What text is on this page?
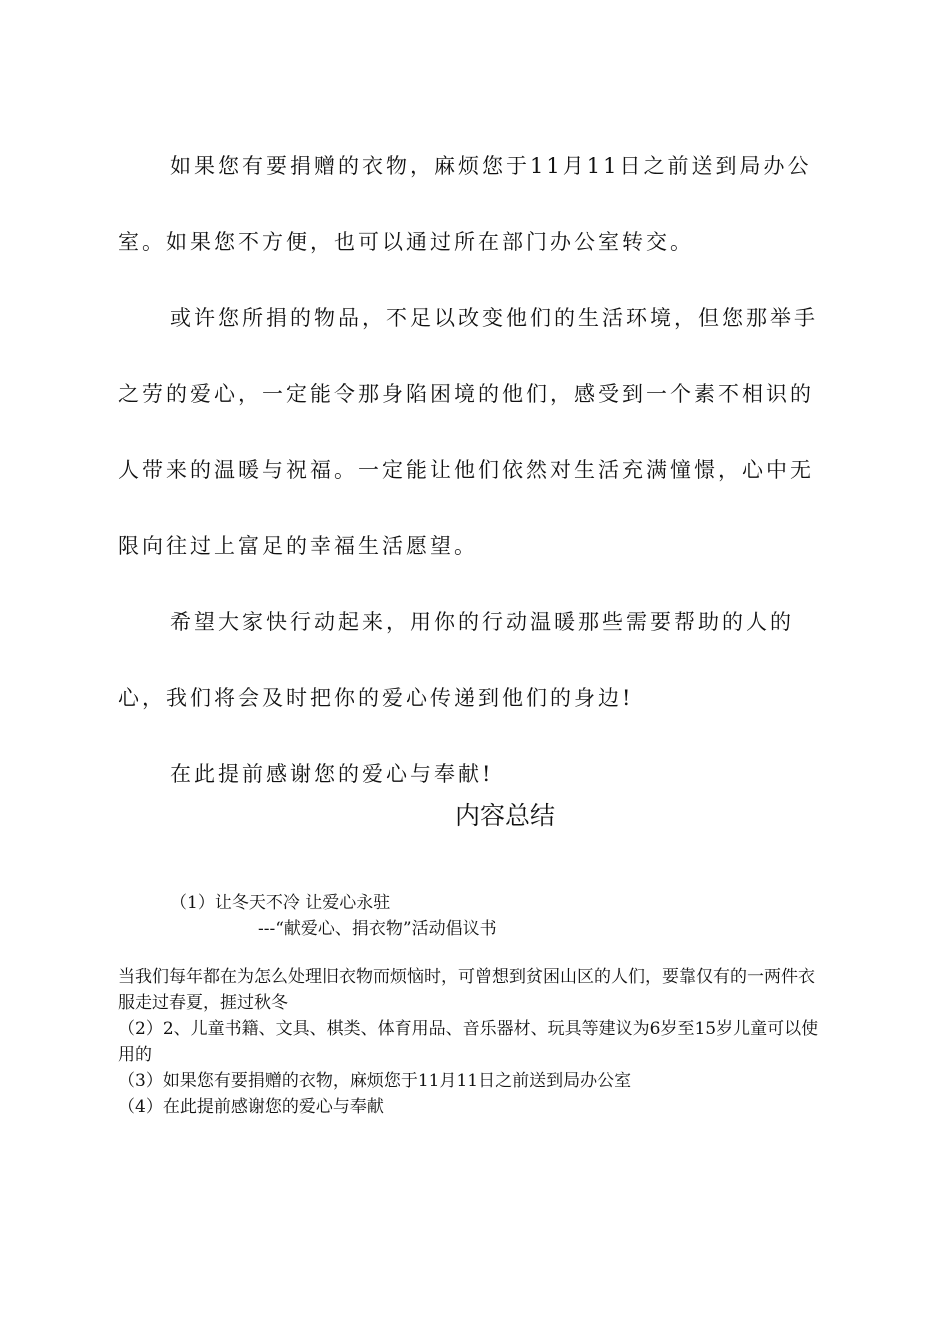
如果您有要捐赠的衣物，麻烦您于11月11日之前送到局办公室。如果您不方便，也可以通过所在部门办公室转交。

或许您所捐的物品，不足以改变他们的生活环境，但您那举手之劳的爱心，一定能令那身陷困境的他们，感受到一个素不相识的人带来的温暖与祝福。一定能让他们依然对生活充满憧憬，心中无限向往过上富足的幸福生活愿望。

希望大家快行动起来，用你的行动温暖那些需要帮助的人的心，我们将会及时把你的爱心传递到他们的身边!

在此提前感谢您的爱心与奉献!

内容总结

（1）让冬天不冷 让爱心永驻

---“献爱心、捐衣物”活动倡议书

当我们每年都在为怎么处理旧衣物而烦恼时，可曾想到贫困山区的人们，要靠仅有的一两件衣服走过春夏，捱过秋冬

（2）2、儿童书籍、文具、棋类、体育用品、音乐器材、玩具等建议为6岁至15岁儿童可以使用的

（3）如果您有要捐赠的衣物，麻烦您于11月11日之前送到局办公室

（4）在此提前感谢您的爱心与奉献
